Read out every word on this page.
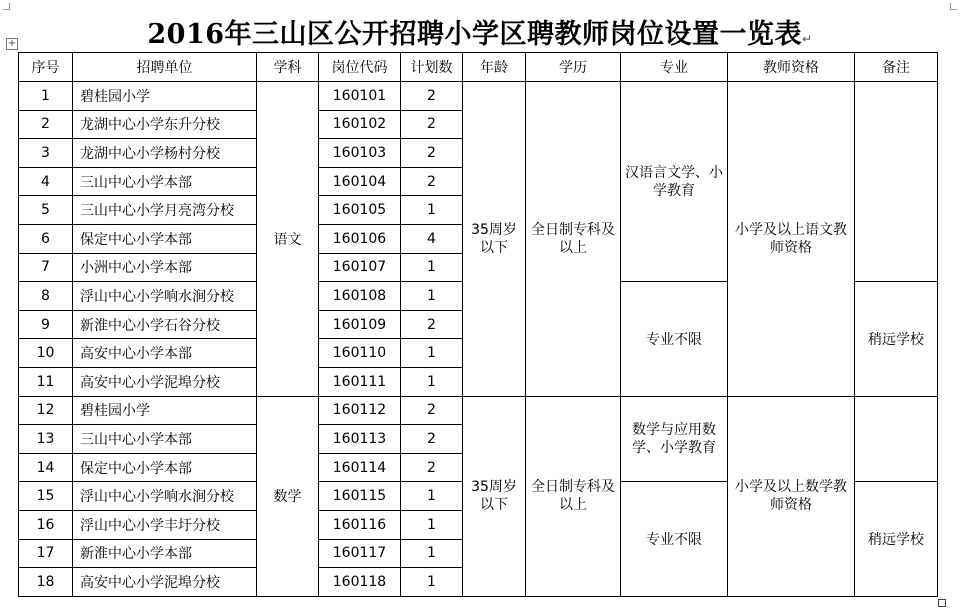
2016年三山区公开招聘小学区聘教师岗位设置一览表↵
+
序号	招聘单位	学科	岗位代码	计划数	年龄	学历	专业	教师资格	备注
1	碧桂园小学	语文	160101	2	35周岁以下	全日制专科及以上	汉语言文学、小学教育	小学及以上语文教师资格	
2	龙湖中心小学东升分校		160102	2					
3	龙湖中心小学杨村分校		160103	2					
4	三山中心小学本部		160104	2					
5	三山中心小学月亮湾分校		160105	1					
6	保定中心小学本部		160106	4					
7	小洲中心小学本部		160107	1					
8	浮山中心小学响水涧分校		160108	1			专业不限		稍远学校
9	新淮中心小学石谷分校		160109	2					
10	高安中心小学本部		160110	1					
11	高安中心小学泥埠分校		160111	1					
12	碧桂园小学	数学	160112	2	35周岁以下	全日制专科及以上	数学与应用数学、小学教育	小学及以上数学教师资格	
13	三山中心小学本部		160113	2					
14	保定中心小学本部		160114	2					
15	浮山中心小学响水涧分校		160115	1			专业不限		稍远学校
16	浮山中心小学丰圩分校		160116	1					
17	新淮中心小学本部		160117	1					
18	高安中心小学泥埠分校		160118	1					
